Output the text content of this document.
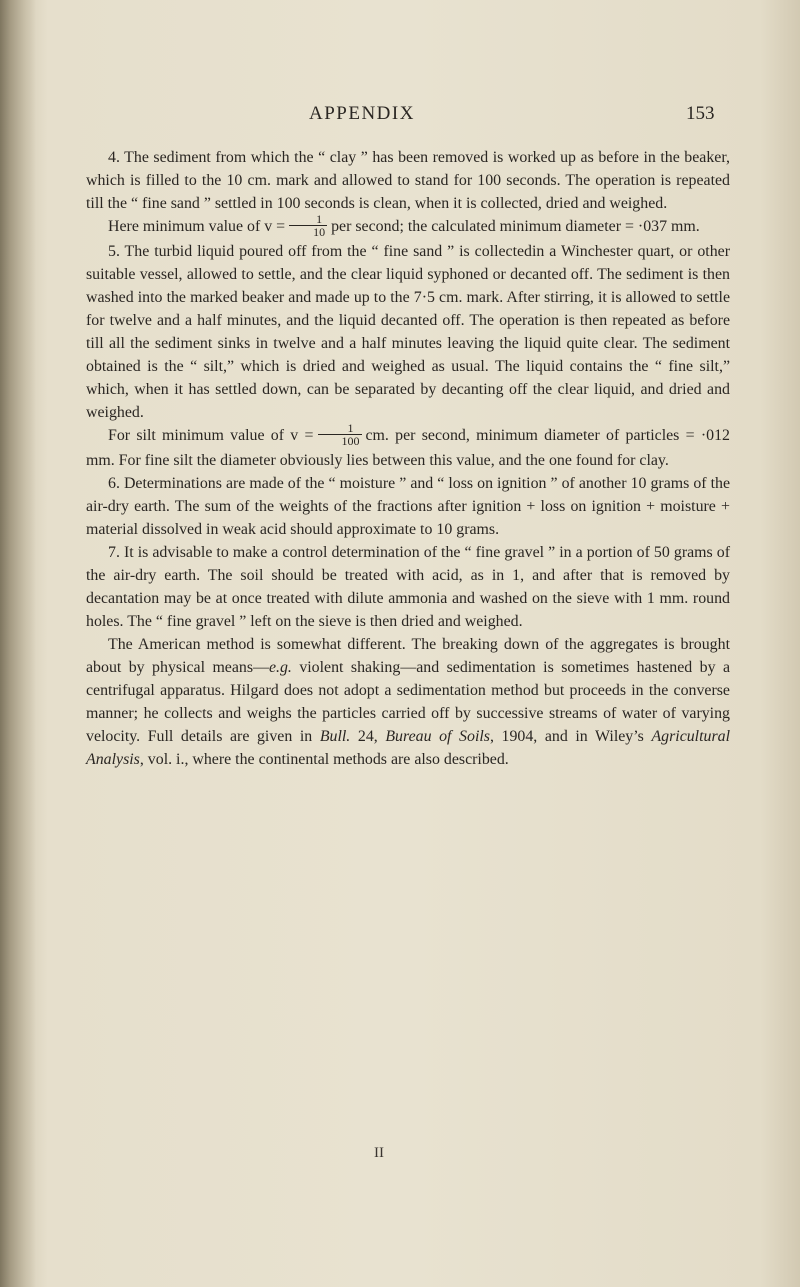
APPENDIX	153

4. The sediment from which the “ clay ” has been removed is worked up as before in the beaker, which is filled to the 10 cm. mark and allowed to stand for 100 seconds. The operation is repeated till the “ fine sand ” settled in 100 seconds is clean, when it is collected, dried and weighed.

Here minimum value of $v = \frac{1}{10}$ per second; the calculated minimum diameter = ·037 mm.

5. The turbid liquid poured off from the “ fine sand ” is collectedin a Winchester quart, or other suitable vessel, allowed to settle, and the clear liquid syphoned or decanted off. The sediment is then washed into the marked beaker and made up to the 7·5 cm. mark. After stirring, it is allowed to settle for twelve and a half minutes, and the liquid decanted off. The operation is then repeated as before till all the sediment sinks in twelve and a half minutes leaving the liquid quite clear. The sediment obtained is the “ silt,” which is dried and weighed as usual. The liquid contains the “ fine silt,” which, when it has settled down, can be separated by decanting off the clear liquid, and dried and weighed.

For silt minimum value of $v = \frac{1}{100}$ cm. per second, minimum diameter of particles = ·012 mm. For fine silt the diameter obviously lies between this value, and the one found for clay.

6. Determinations are made of the “ moisture ” and “ loss on ignition ” of another 10 grams of the air-dry earth. The sum of the weights of the fractions after ignition + loss on ignition + moisture + material dissolved in weak acid should approximate to 10 grams.

7. It is advisable to make a control determination of the “ fine gravel ” in a portion of 50 grams of the air-dry earth. The soil should be treated with acid, as in 1, and after that is removed by decantation may be at once treated with dilute ammonia and washed on the sieve with 1 mm. round holes. The “ fine gravel ” left on the sieve is then dried and weighed.

The American method is somewhat different. The breaking down of the aggregates is brought about by physical means—e.g. violent shaking—and sedimentation is sometimes hastened by a centrifugal apparatus. Hilgard does not adopt a sedimentation method but proceeds in the converse manner; he collects and weighs the particles carried off by successive streams of water of varying velocity. Full details are given in Bull. 24, Bureau of Soils, 1904, and in Wiley’s Agricultural Analysis, vol. i., where the continental methods are also described.

II
